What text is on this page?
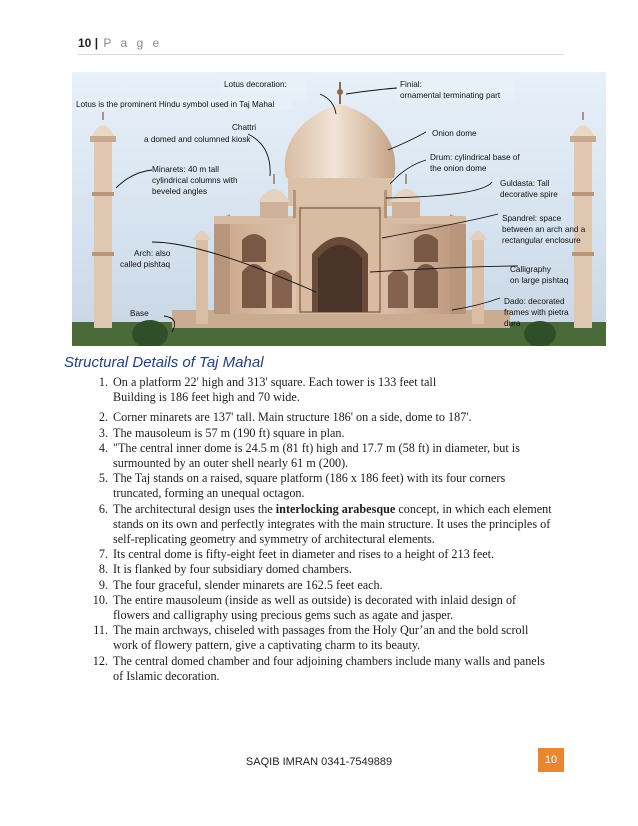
10 | P a g e
Lotus decoration:
Lotus is the prominent Hindu symbol used in Taj Mahal
Finial:
ornamental terminating part
Chattri
a domed and columned kiosk
Onion dome
Minarets: 40 m tall
cylindrical columns with
beveled angles
Drum: cylindrical base of
the onion dome
Guldasta: Tall
decorative spire
Spandrel: space
between an arch and a
rectangular enclosure
Arch: also
called pishtaq
Calligraphy
on large pishtaq
Base
Dado: decorated
frames with pietra
dura
Structural Details of Taj Mahal
1. On a platform 22' high and 313' square. Each tower is 133 feet tall
Building is 186 feet high and 70 wide.
2. Corner minarets are 137' tall. Main structure 186' on a side, dome to 187'.
3. The mausoleum is 57 m (190 ft) square in plan.
4. "The central inner dome is 24.5 m (81 ft) high and 17.7 m (58 ft) in diameter, but is
surmounted by an outer shell nearly 61 m (200).
5. The Taj stands on a raised, square platform (186 x 186 feet) with its four corners
truncated, forming an unequal octagon.
6. The architectural design uses the interlocking arabesque concept, in which each element
stands on its own and perfectly integrates with the main structure. It uses the principles of
self-replicating geometry and symmetry of architectural elements.
7. Its central dome is fifty-eight feet in diameter and rises to a height of 213 feet.
8. It is flanked by four subsidiary domed chambers.
9. The four graceful, slender minarets are 162.5 feet each.
10. The entire mausoleum (inside as well as outside) is decorated with inlaid design of
flowers and calligraphy using precious gems such as agate and jasper.
11. The main archways, chiseled with passages from the Holy Qur’an and the bold scroll
work of flowery pattern, give a captivating charm to its beauty.
12. The central domed chamber and four adjoining chambers include many walls and panels
of Islamic decoration.
SAQIB IMRAN 0341-7549889	10
